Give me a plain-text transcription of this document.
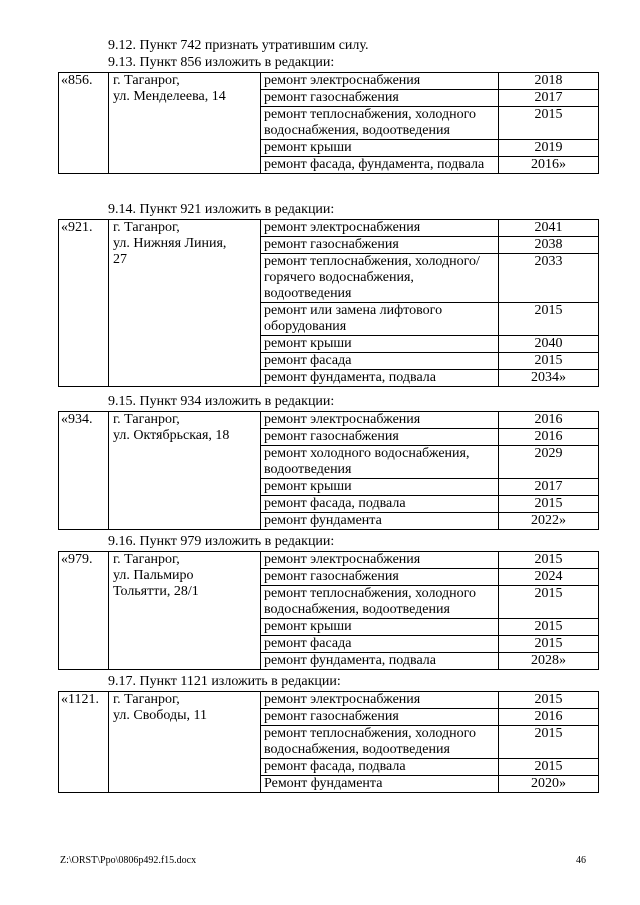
9.12. Пункт 742 признать утратившим силу.
9.13. Пункт 856 изложить в редакции:
9.14. Пункт 921 изложить в редакции:
9.15. Пункт 934 изложить в редакции:
9.16. Пункт 979 изложить в редакции:
9.17. Пункт 1121 изложить в редакции:
«856.	г. Таганрог,
ул. Менделеева, 14	ремонт электроснабжения	2018
		ремонт газоснабжения	2017
		ремонт теплоснабжения, холодного водоснабжения, водоотведения	2015
		ремонт крыши	2019
		ремонт фасада, фундамента, подвала	2016»
«921.	г. Таганрог,
ул. Нижняя Линия,
27	ремонт электроснабжения	2041
		ремонт газоснабжения	2038
		ремонт теплоснабжения, холодного/горячего водоснабжения, водоотведения	2033
		ремонт или замена лифтового оборудования	2015
		ремонт крыши	2040
		ремонт фасада	2015
		ремонт фундамента, подвала	2034»
«934.	г. Таганрог,
ул. Октябрьская, 18	ремонт электроснабжения	2016
		ремонт газоснабжения	2016
		ремонт холодного водоснабжения, водоотведения	2029
		ремонт крыши	2017
		ремонт фасада, подвала	2015
		ремонт фундамента	2022»
«979.	г. Таганрог,
ул. Пальмиро
Тольятти, 28/1	ремонт электроснабжения	2015
		ремонт газоснабжения	2024
		ремонт теплоснабжения, холодного водоснабжения, водоотведения	2015
		ремонт крыши	2015
		ремонт фасада	2015
		ремонт фундамента, подвала	2028»
«1121.	г. Таганрог,
ул. Свободы, 11	ремонт электроснабжения	2015
		ремонт газоснабжения	2016
		ремонт теплоснабжения, холодного водоснабжения, водоотведения	2015
		ремонт фасада, подвала	2015
		Ремонт фундамента	2020»
Z:\ORST\Ppo\0806p492.f15.docx	46
